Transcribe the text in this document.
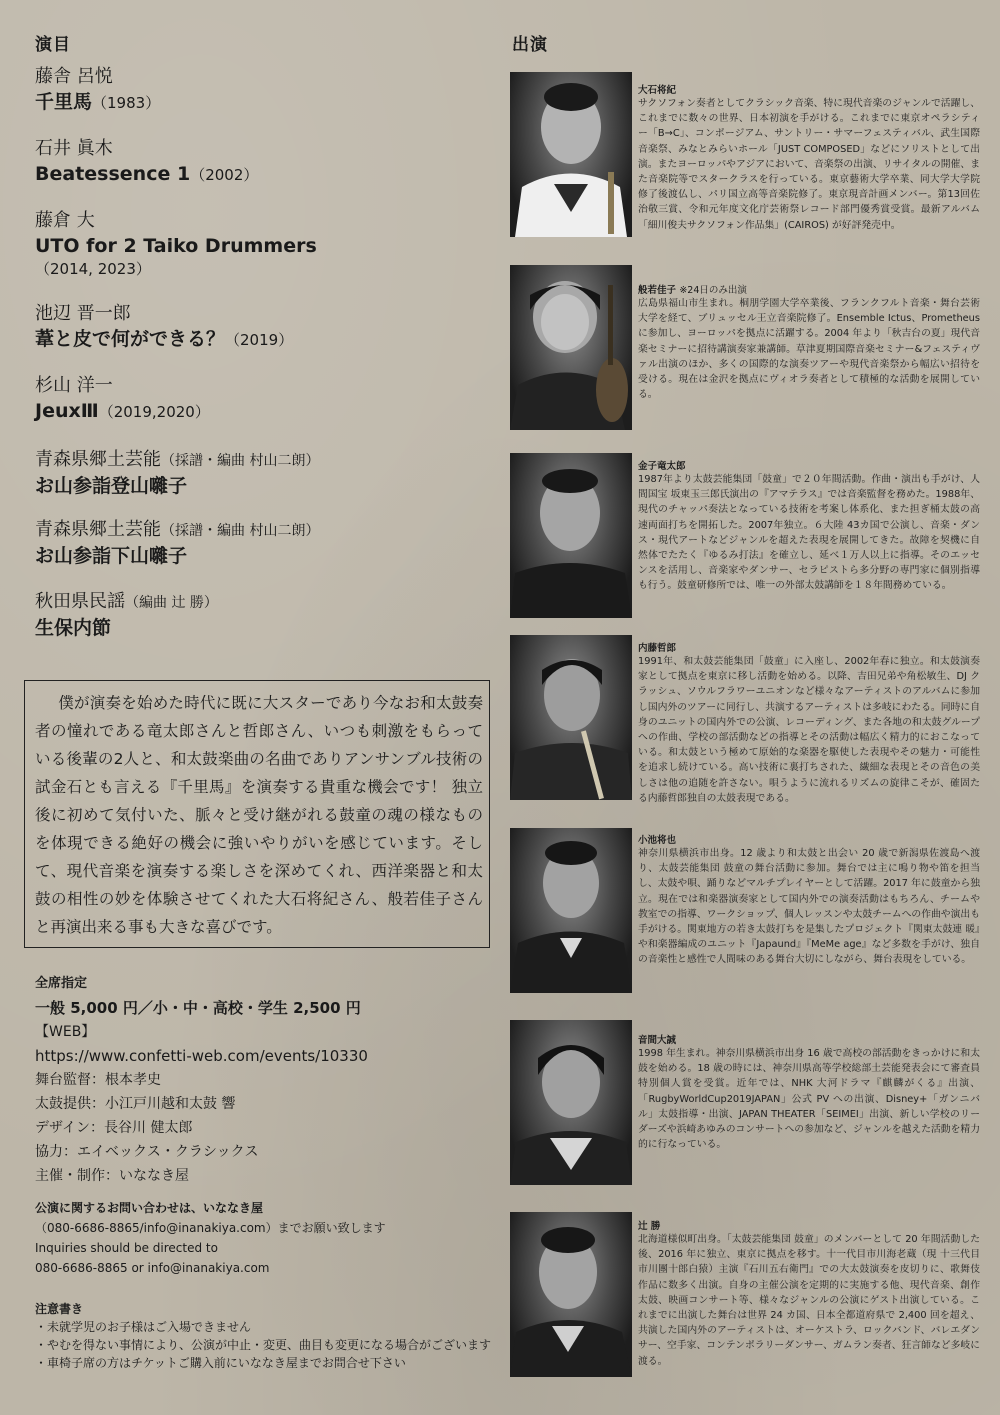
演目
藤舎 呂悦
千里馬（1983）
石井 眞木
Beatessence 1（2002）
藤倉 大
UTO for 2 Taiko Drummers
（2014, 2023）
池辺 晋一郎
葦と皮で何ができる？（2019）
杉山 洋一
JeuxⅢ（2019,2020）
青森県郷土芸能（採譜・編曲 村山二朗）
お山参詣登山囃子
青森県郷土芸能（採譜・編曲 村山二朗）
お山参詣下山囃子
秋田県民謡（編曲 辻 勝）
生保内節
僕が演奏を始めた時代に既に大スターであり今なお和太鼓奏者の憧れである竜太郎さんと哲郎さん、いつも刺激をもらっている後輩の2人と、和太鼓楽曲の名曲でありアンサンブル技術の試金石とも言える『千里馬』を演奏する貴重な機会です！ 独立後に初めて気付いた、脈々と受け継がれる鼓童の魂の様なものを体現できる絶好の機会に強いやりがいを感じています。そして、現代音楽を演奏する楽しさを深めてくれ、西洋楽器と和太鼓の相性の妙を体験させてくれた大石将紀さん、般若佳子さんと再演出来る事も大きな喜びです。
全席指定
一般 5,000 円／小・中・高校・学生 2,500 円
【WEB】
https://www.confetti-web.com/events/10330
舞台監督：根本孝史
太鼓提供：小江戸川越和太鼓 響
デザイン：長谷川 健太郎
協力：エイベックス・クラシックス
主催・制作：いななき屋
公演に関するお問い合わせは、いななき屋
（080-6686-8865/info@inanakiya.com）までお願い致します
Inquiries should be directed to
080-6686-8865 or info@inanakiya.com
注意書き
・未就学児のお子様はご入場できません
・やむを得ない事情により、公演が中止・変更、曲目も変更になる場合がございます
・車椅子席の方はチケットご購入前にいななき屋までお問合せ下さい
出演
大石将紀
サクソフォン奏者としてクラシック音楽、特に現代音楽のジャンルで活躍し、これまでに数々の世界、日本初演を手がける。これまでに東京オペラシティー「B→C」、コンポージアム、サントリー・サマーフェスティバル、武生国際音楽祭、みなとみらいホール「JUST COMPOSED」などにソリストとして出演。またヨーロッパやアジアにおいて、音楽祭の出演、リサイタルの開催、また音楽院等でスタークラスを行っている。東京藝術大学卒業、同大学大学院修了後渡仏し、パリ国立高等音楽院修了。東京現音計画メンバー。第13回佐治敬三賞、令和元年度文化庁芸術祭レコード部門優秀賞受賞。最新アルバム「細川俊夫サクソフォン作品集」(CAIROS) が好評発売中。
般若佳子 ※24日のみ出演
広島県福山市生まれ。桐朋学園大学卒業後、フランクフルト音楽・舞台芸術大学を経て、ブリュッセル王立音楽院修了。Ensemble Ictus、Prometheus に参加し、ヨーロッパを拠点に活躍する。2004 年より「秋吉台の夏」現代音楽セミナーに招待講演奏家兼講師。草津夏期国際音楽セミナー&フェスティヴァル出演のほか、多くの国際的な演奏ツアーや現代音楽祭から幅広い招待を受ける。現在は金沢を拠点にヴィオラ奏者として積極的な活動を展開している。
金子竜太郎
1987年より太鼓芸能集団「鼓童」で２０年間活動。作曲・演出も手がけ、人間国宝 坂東玉三郎氏演出の『アマテラス』では音楽監督を務めた。1988年、現代のチャッパ奏法となっている技術を考案し体系化、また担ぎ桶太鼓の高速両面打ちを開拓した。2007年独立。６大陸 43カ国で公演し、音楽・ダンス・現代アートなどジャンルを超えた表現を展開してきた。故障を契機に自然体でたたく『ゆるみ打法』を確立し、延べ１万人以上に指導。そのエッセンスを活用し、音楽家やダンサー、セラピストら多分野の専門家に個別指導も行う。鼓童研修所では、唯一の外部太鼓講師を１８年間務めている。
内藤哲郎
1991年、和太鼓芸能集団「鼓童」に入座し、2002年春に独立。和太鼓演奏家として拠点を東京に移し活動を始める。以降、吉田兄弟や角松敏生、DJ クラッシュ、ソウルフラワーユニオンなど様々なアーティストのアルバムに参加し国内外のツアーに同行し、共演するアーティストは多岐にわたる。同時に自身のユニットの国内外での公演、レコーディング、また各地の和太鼓グループへの作曲、学校の部活動などの指導とその活動は幅広く精力的におこなっている。和太鼓という極めて原始的な楽器を駆使した表現やその魅力・可能性を追求し続けている。高い技術に裏打ちされた、繊細な表現とその音色の美しさは他の追随を許さない。唄うように流れるリズムの旋律こそが、確固たる内藤哲郎独自の太鼓表現である。
小池将也
神奈川県横浜市出身。12 歳より和太鼓と出会い 20 歳で新潟県佐渡島へ渡り、太鼓芸能集団 鼓童の舞台活動に参加。舞台では主に鳴り物や笛を担当し、太鼓や唄、踊りなどマルチプレイヤーとして活躍。2017 年に鼓童から独立。現在では和楽器演奏家として国内外での演奏活動はもちろん、チームや教室での指導、ワークショップ、個人レッスンや太鼓チームへの作曲や演出も手がける。関東地方の若き太鼓打ちを是集したプロジェクト『関東太鼓連 暖』や和楽器編成のユニット『Japaund』『MeMe age』など多数を手がけ、独自の音楽性と感性で人間味のある舞台大切にしながら、舞台表現をしている。
音間大誠
1998 年生まれ。神奈川県横浜市出身 16 歳で高校の部活動をきっかけに和太鼓を始める。18 歳の時には、神奈川県高等学校総部土芸能発表会にて審査員特別個人賞を受賞。近年では、NHK 大河ドラマ『麒麟がくる』出演、「RugbyWorldCup2019JAPAN」公式 PV への出演、Disney+「ガンニバル」太鼓指導・出演、JAPAN THEATER「SEIMEI」出演、新しい学校のリーダーズや浜崎あゆみのコンサートへの参加など、ジャンルを越えた活動を精力的に行なっている。
辻 勝
北海道様似町出身。「太鼓芸能集団 鼓童」のメンバーとして 20 年間活動した後、2016 年に独立、東京に拠点を移す。十一代目市川海老蔵（現 十三代目市川團十郎白猿）主演『石川五右衛門』での大太鼓演奏を皮切りに、歌舞伎作品に数多く出演。自身の主催公演を定期的に実施する他、現代音楽、創作太鼓、映画コンサート等、様々なジャンルの公演にゲスト出演している。これまでに出演した舞台は世界 24 カ国、日本全都道府県で 2,400 回を超え、共演した国内外のアーティストは、オーケストラ、ロックバンド、バレエダンサー、空手家、コンテンポラリーダンサー、ガムラン奏者、狂言師など多岐に渡る。
